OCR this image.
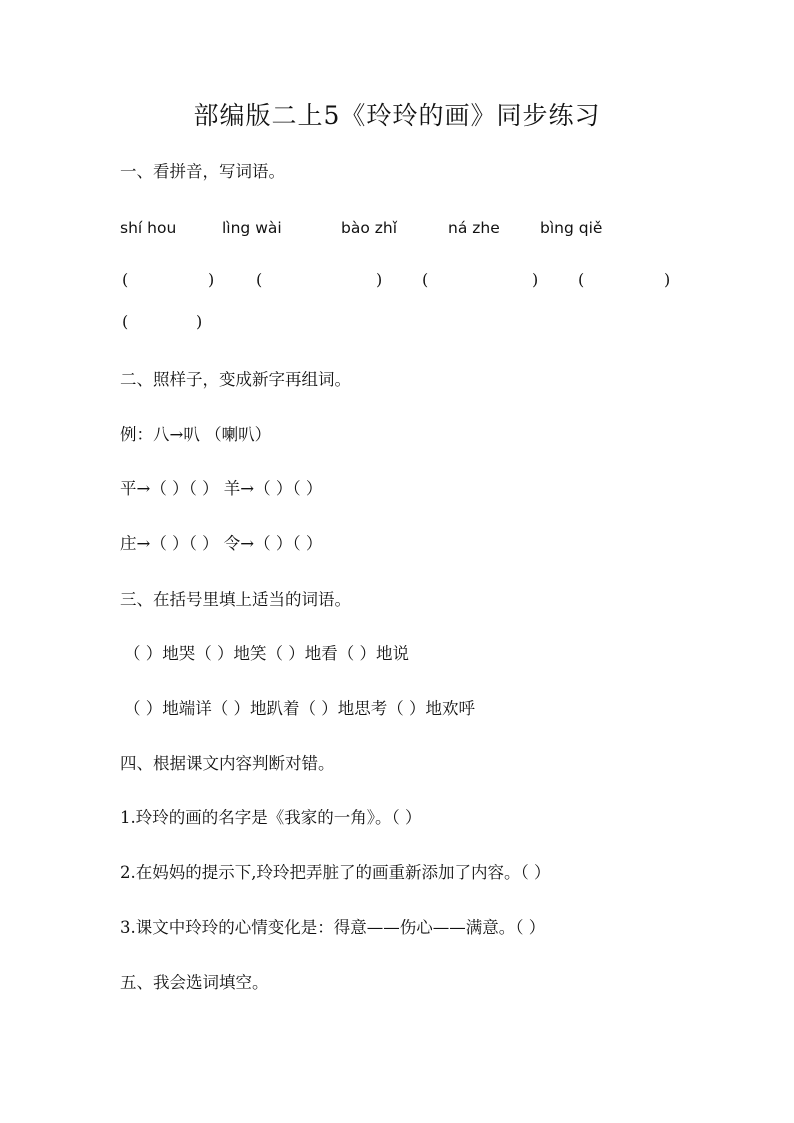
部编版二上5《玲玲的画》同步练习
一、看拼音，写词语。
shí hou	lìng wài	bào zhǐ	ná zhe	bìng qiě
(	)	(	) (	) (	)
(	)
二、照样子，变成新字再组词。
例：八→叭 （喇叭）
平→（ ）（ ） 羊→（ ）（ ）
庄→（ ）（ ） 令→（ ）（ ）
三、在括号里填上适当的词语。
（ ）地哭（ ）地笑（ ）地看（ ）地说
（ ）地端详（ ）地趴着（ ）地思考（ ）地欢呼
四、根据课文内容判断对错。
1.玲玲的画的名字是《我家的一角》。（ ）
2.在妈妈的提示下,玲玲把弄脏了的画重新添加了内容。（ ）
3.课文中玲玲的心情变化是：得意——伤心——满意。（ ）
五、我会选词填空。
